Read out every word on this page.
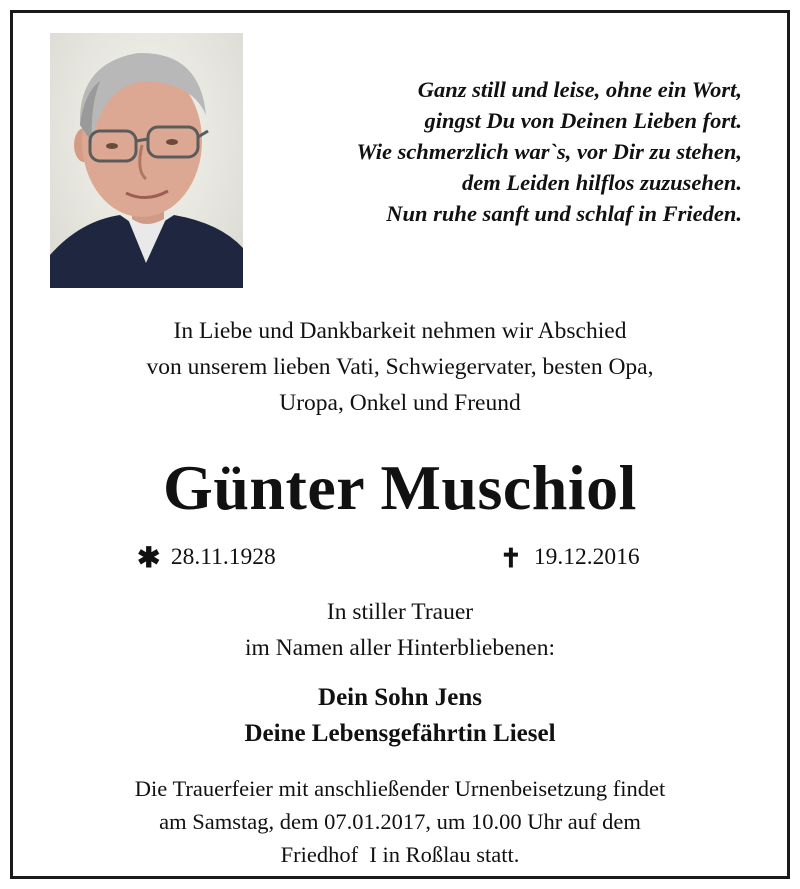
Ganz still und leise, ohne ein Wort,
gingst Du von Deinen Lieben fort.
Wie schmerzlich war`s, vor Dir zu stehen,
dem Leiden hilflos zuzusehen.
Nun ruhe sanft und schlaf in Frieden.
In Liebe und Dankbarkeit nehmen wir Abschied
von unserem lieben Vati, Schwiegervater, besten Opa,
Uropa, Onkel und Freund
Günter Muschiol
✱ 28.11.1928	✝ 19.12.2016
In stiller Trauer
im Namen aller Hinterbliebenen:
Dein Sohn Jens
Deine Lebensgefährtin Liesel
Die Trauerfeier mit anschließender Urnenbeisetzung findet
am Samstag, dem 07.01.2017, um 10.00 Uhr auf dem
Friedhof  I in Roßlau statt.
